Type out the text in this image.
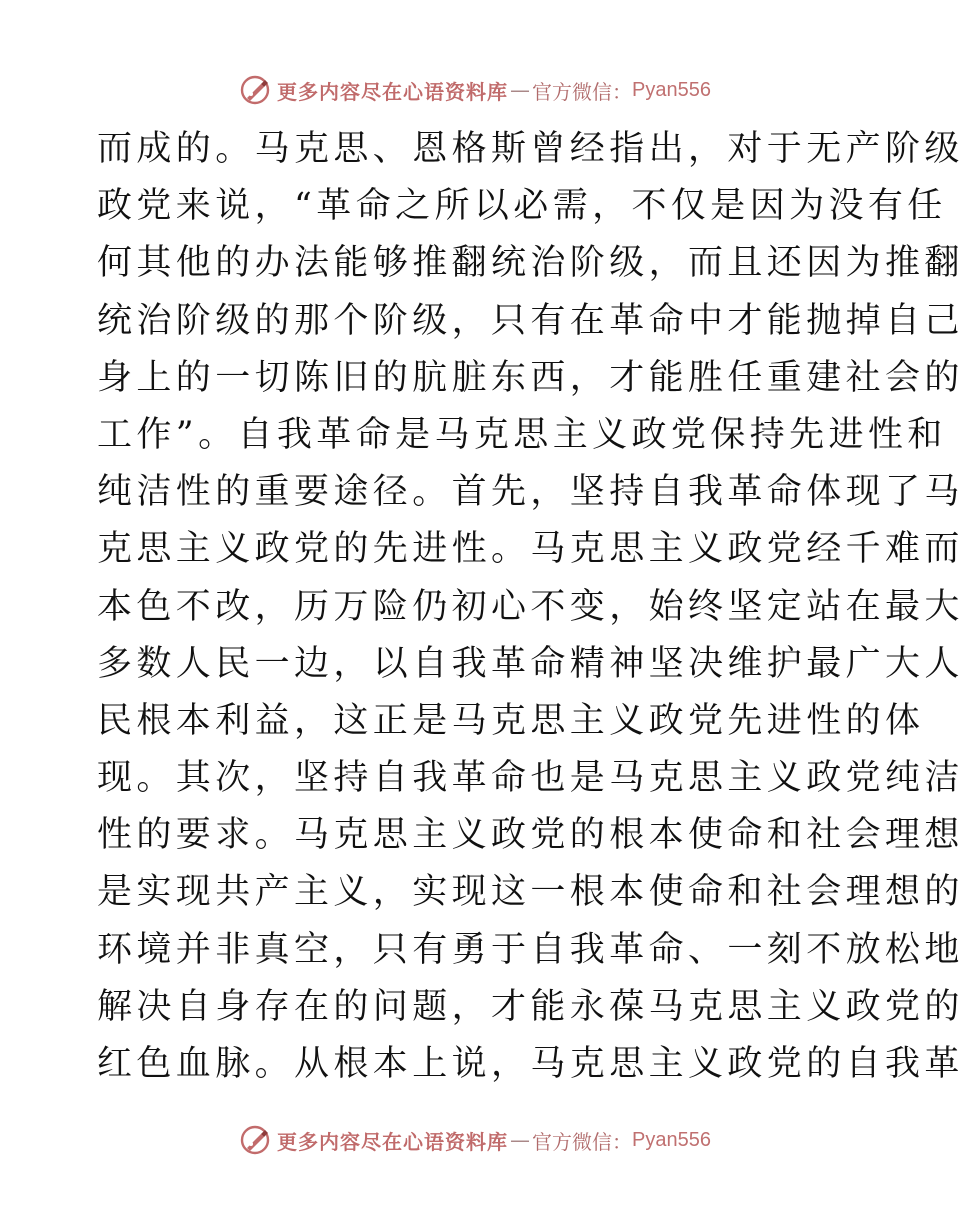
更多内容尽在心语资料库 — 官方微信： Pyan556
而成的。马克思、恩格斯曾经指出，对于无产阶级
政党来说，“革命之所以必需，不仅是因为没有任
何其他的办法能够推翻统治阶级，而且还因为推翻
统治阶级的那个阶级，只有在革命中才能抛掉自己
身上的一切陈旧的肮脏东西，才能胜任重建社会的
工作”。自我革命是马克思主义政党保持先进性和
纯洁性的重要途径。首先，坚持自我革命体现了马
克思主义政党的先进性。马克思主义政党经千难而
本色不改，历万险仍初心不变，始终坚定站在最大
多数人民一边，以自我革命精神坚决维护最广大人
民根本利益，这正是马克思主义政党先进性的体
现。其次，坚持自我革命也是马克思主义政党纯洁
性的要求。马克思主义政党的根本使命和社会理想
是实现共产主义，实现这一根本使命和社会理想的
环境并非真空，只有勇于自我革命、一刻不放松地
解决自身存在的问题，才能永葆马克思主义政党的
红色血脉。从根本上说，马克思主义政党的自我革
更多内容尽在心语资料库 — 官方微信： Pyan556
